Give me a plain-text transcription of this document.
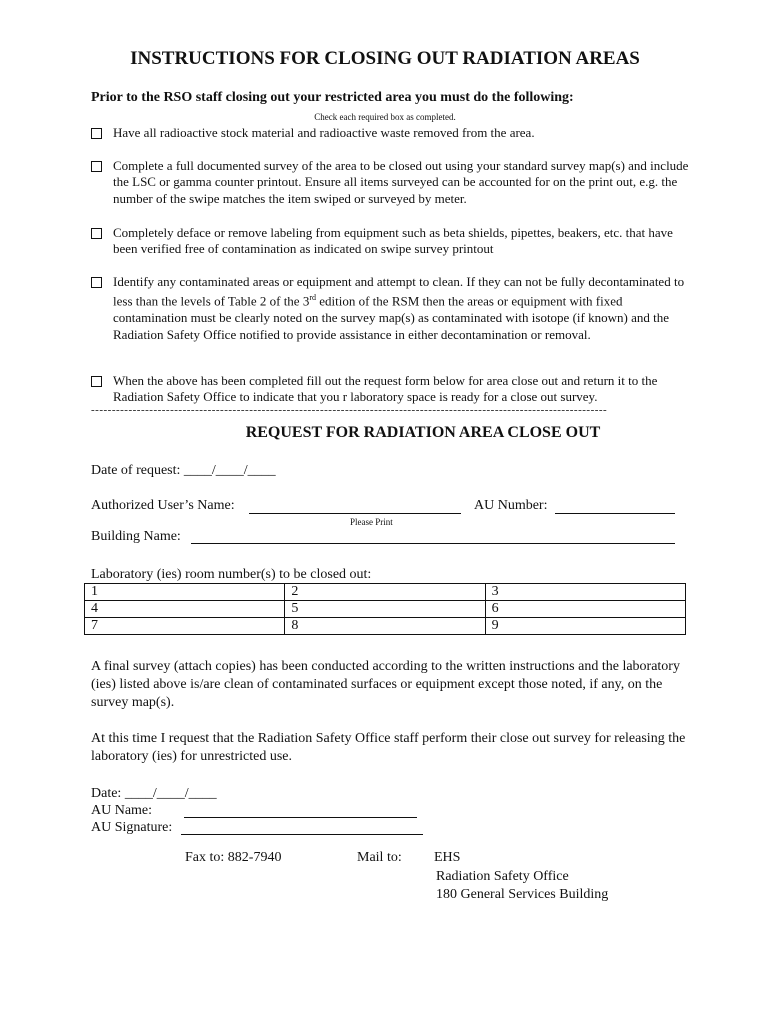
INSTRUCTIONS FOR CLOSING OUT RADIATION AREAS
Prior to the RSO staff closing out your restricted area you must do the following:
Check each required box as completed.
Have all radioactive stock material and radioactive waste removed from the area.
Complete a full documented survey of the area to be closed out using your standard survey map(s) and include the LSC or gamma counter printout. Ensure all items surveyed can be accounted for on the print out, e.g. the number of the swipe matches the item swiped or surveyed by meter.
Completely deface or remove labeling from equipment such as beta shields, pipettes, beakers, etc. that have been verified free of contamination as indicated on swipe survey printout
Identify any contaminated areas or equipment and attempt to clean. If they can not be fully decontaminated to less than the levels of Table 2 of the 3rd edition of the RSM then the areas or equipment with fixed contamination must be clearly noted on the survey map(s) as contaminated with isotope (if known) and the Radiation Safety Office notified to provide assistance in either decontamination or removal.
When the above has been completed fill out the request form below for area close out and return it to the Radiation Safety Office to indicate that you r laboratory space is ready for a close out survey.
----------------------------------------------------------------------------------------------------------------------------
REQUEST FOR RADIATION AREA CLOSE OUT
Date of request: ____/____/____
Authorized User’s Name:	AU Number:
Please Print
Building Name:
Laboratory (ies) room number(s) to be closed out:
1	2	3
4	5	6
7	8	9
A final survey (attach copies) has been conducted according to the written instructions and the laboratory (ies) listed above is/are clean of contaminated surfaces or equipment except those noted, if any, on the survey map(s).
At this time I request that the Radiation Safety Office staff perform their close out survey for releasing the laboratory (ies) for unrestricted use.
Date: ____/____/____
AU Name:
AU Signature:
Fax to: 882-7940	Mail to: EHS
Radiation Safety Office
180 General Services Building
